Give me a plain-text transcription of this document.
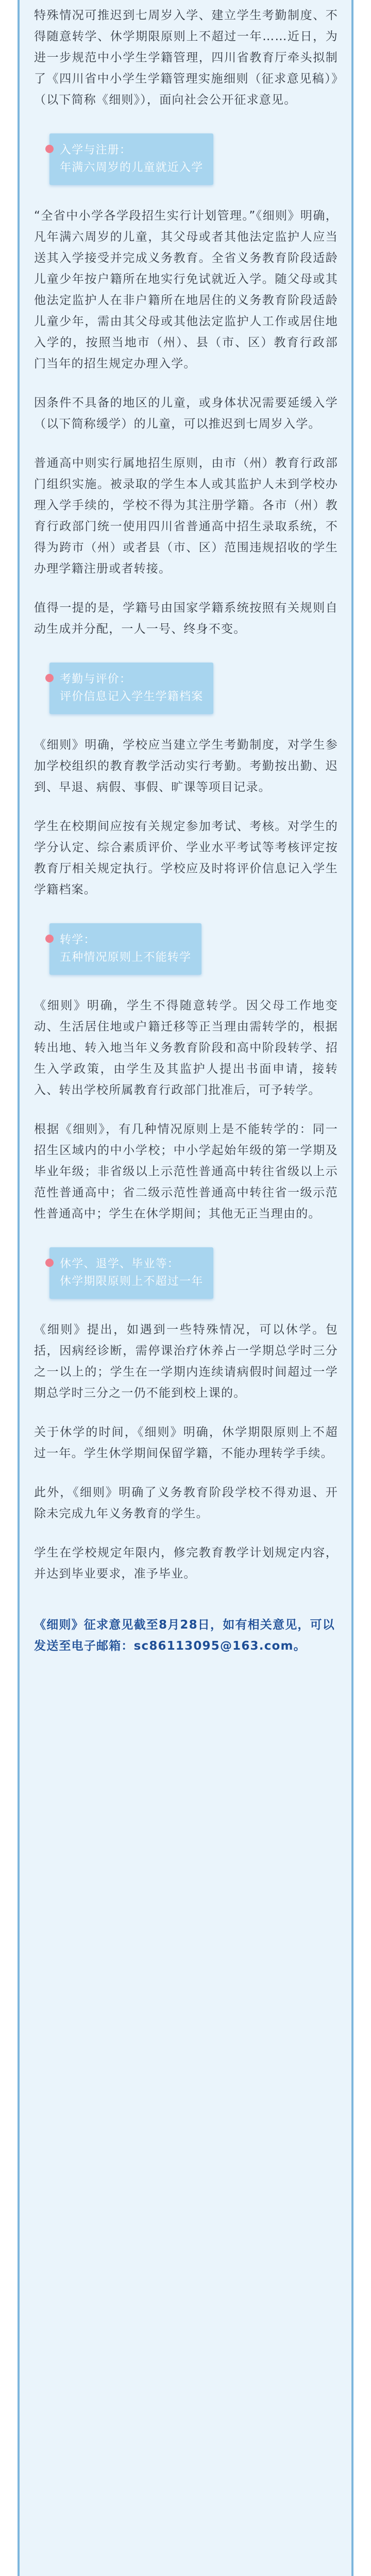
特殊情况可推迟到七周岁入学、建立学生考勤制度、不得随意转学、休学期限原则上不超过一年……近日，为进一步规范中小学生学籍管理，四川省教育厅牵头拟制了《四川省中小学生学籍管理实施细则（征求意见稿）》（以下简称《细则》），面向社会公开征求意见。

入学与注册：
年满六周岁的儿童就近入学

“全省中小学各学段招生实行计划管理。”《细则》明确，凡年满六周岁的儿童，其父母或者其他法定监护人应当送其入学接受并完成义务教育。全省义务教育阶段适龄儿童少年按户籍所在地实行免试就近入学。随父母或其他法定监护人在非户籍所在地居住的义务教育阶段适龄儿童少年，需由其父母或其他法定监护人工作或居住地入学的，按照当地市（州）、县（市、区）教育行政部门当年的招生规定办理入学。

因条件不具备的地区的儿童，或身体状况需要延缓入学（以下简称缓学）的儿童，可以推迟到七周岁入学。

普通高中则实行属地招生原则，由市（州）教育行政部门组织实施。被录取的学生本人或其监护人未到学校办理入学手续的，学校不得为其注册学籍。各市（州）教育行政部门统一使用四川省普通高中招生录取系统，不得为跨市（州）或者县（市、区）范围违规招收的学生办理学籍注册或者转接。

值得一提的是，学籍号由国家学籍系统按照有关规则自动生成并分配，一人一号、终身不变。

考勤与评价：
评价信息记入学生学籍档案

《细则》明确，学校应当建立学生考勤制度，对学生参加学校组织的教育教学活动实行考勤。考勤按出勤、迟到、早退、病假、事假、旷课等项目记录。

学生在校期间应按有关规定参加考试、考核。对学生的学分认定、综合素质评价、学业水平考试等考核评定按教育厅相关规定执行。学校应及时将评价信息记入学生学籍档案。

转学：
五种情况原则上不能转学

《细则》明确，学生不得随意转学。因父母工作地变动、生活居住地或户籍迁移等正当理由需转学的，根据转出地、转入地当年义务教育阶段和高中阶段转学、招生入学政策，由学生及其监护人提出书面申请，接转入、转出学校所属教育行政部门批准后，可予转学。

根据《细则》，有几种情况原则上是不能转学的：同一招生区域内的中小学校；中小学起始年级的第一学期及毕业年级；非省级以上示范性普通高中转往省级以上示范性普通高中；省二级示范性普通高中转往省一级示范性普通高中；学生在休学期间；其他无正当理由的。

休学、退学、毕业等：
休学期限原则上不超过一年

《细则》提出，如遇到一些特殊情况，可以休学。包括，因病经诊断，需停课治疗休养占一学期总学时三分之一以上的；学生在一学期内连续请病假时间超过一学期总学时三分之一仍不能到校上课的。

关于休学的时间，《细则》明确，休学期限原则上不超过一年。学生休学期间保留学籍，不能办理转学手续。

此外，《细则》明确了义务教育阶段学校不得劝退、开除未完成九年义务教育的学生。

学生在学校规定年限内，修完教育教学计划规定内容，并达到毕业要求，准予毕业。

《细则》征求意见截至8月28日，如有相关意见，可以发送至电子邮箱：sc86113095@163.com。
